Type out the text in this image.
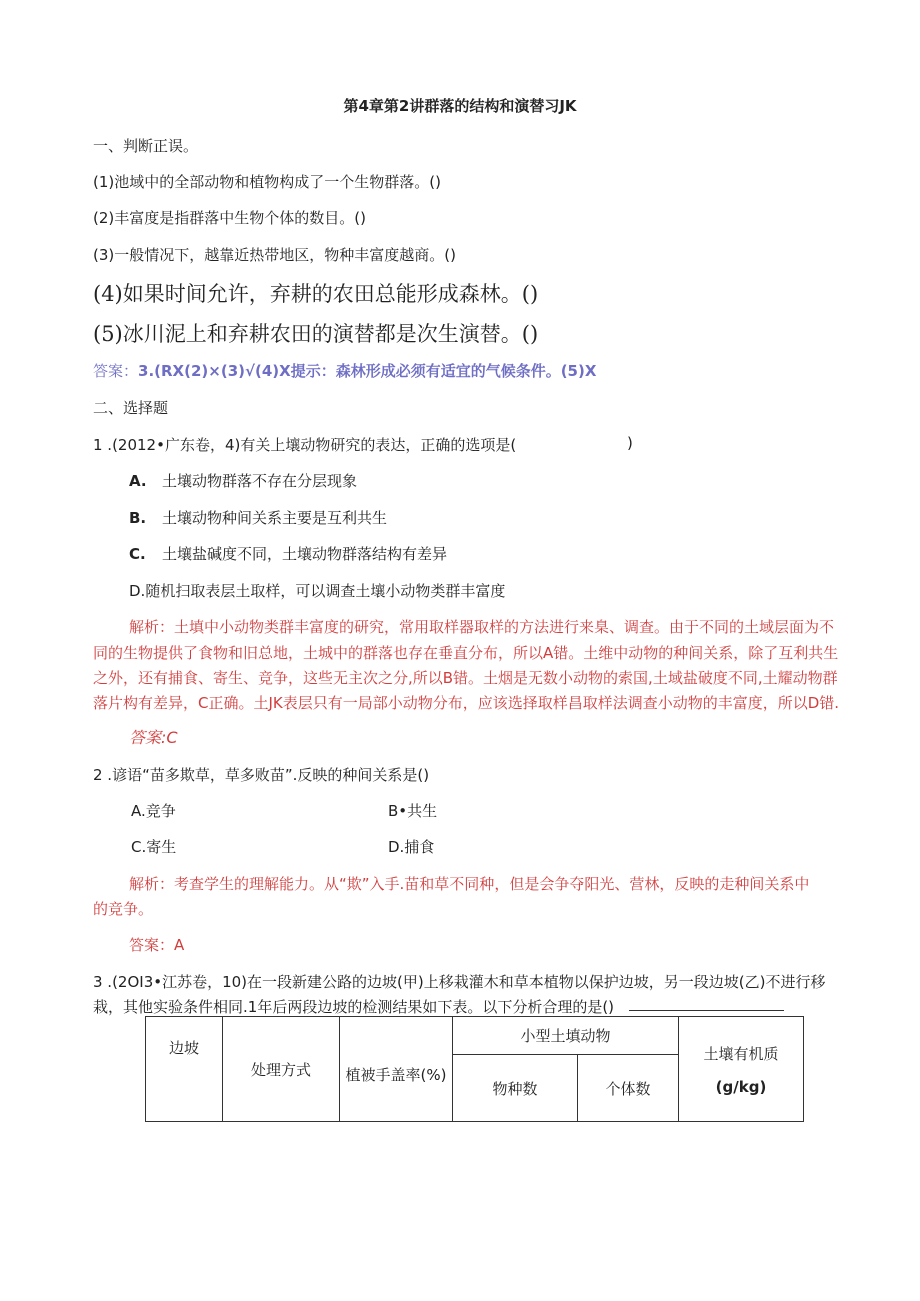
第4章第2讲群落的结构和演替习JK
一、判断正误。
(1)池域中的全部动物和植物构成了一个生物群落。()
(2)丰富度是指群落中生物个体的数目。()
(3)一般情况下，越靠近热带地区，物种丰富度越商。()
(4)如果时间允许，弃耕的农田总能形成森林。()
(5)冰川泥上和弃耕农田的演替都是次生演替。()
答案：3.(RX(2)×(3)√(4)X提示：森林形成必须有适宜的气候条件。(5)X
二、选择题
1 .(2012•广东卷，4)有关上壤动物研究的表达，正确的选项是(	)
A. 土壤动物群落不存在分层现象
B. 土壤动物种间关系主要是互利共生
C. 土壤盐碱度不同，土壤动物群落结构有差异
D.随机扫取表层土取样，可以调查土壤小动物类群丰富度
解析：土填中小动物类群丰富度的研究，常用取样器取样的方法进行来臬、调查。由于不同的土域层面为不
同的生物提供了食物和旧总地，土城中的群落也存在垂直分布，所以A错。土维中动物的种间关系，除了互利共生
之外，还有捕食、寄生、竞争，这些无主次之分,所以B错。土烟是无数小动物的索国,土域盐破度不同,土耀动物群
落片构有差异，C正确。土JK表层只有一局部小动物分布，应该选择取样昌取样法调查小动物的丰富度，所以D错.
答案:C
2 .谚语“苗多欺草，草多败苗”.反映的种间关系是()
A.竞争	B•共生
C.寄生	D.捕食
解析：考查学生的理解能力。从“欺”入手.苗和草不同种，但是会争夺阳光、营林，反映的走种间关系中
的竞争。
答案：A
3 .(2OI3•江苏卷，10)在一段新建公路的边坡(甲)上移栽灌木和草本植物以保护边坡，另一段边坡(乙)不进行移
栽，其他实验条件相同.1年后两段边坡的检测结果如下表。以下分析合理的是()
边坡	处理方式	植被手盖率(%)	小型土填动物		土壤有机质
(g/kg)

			物种数	个体数	
